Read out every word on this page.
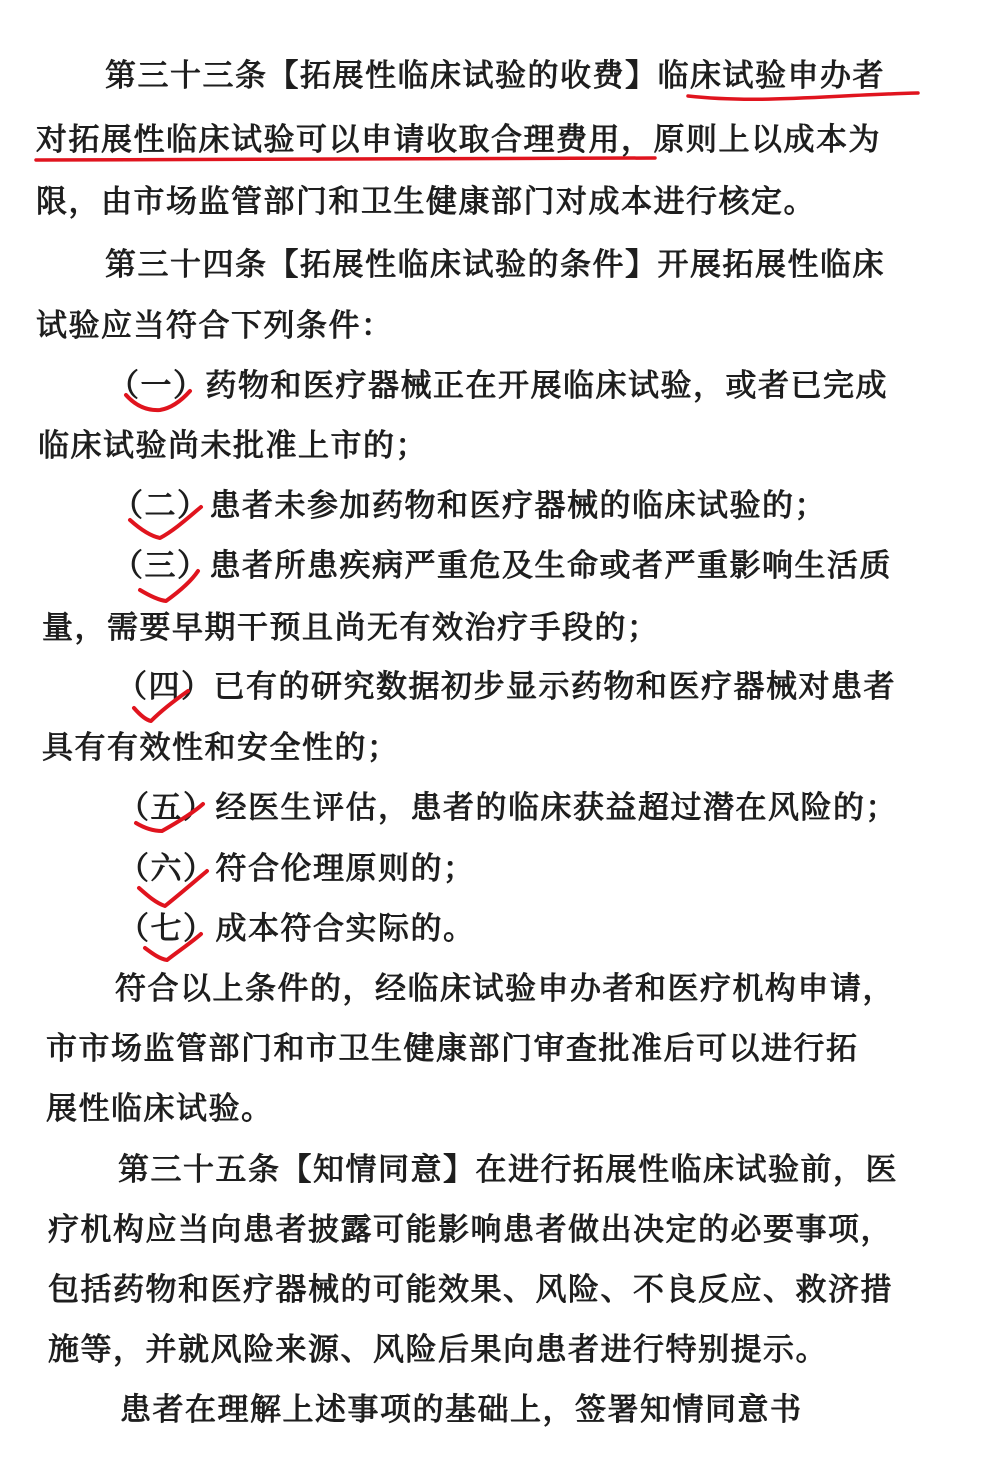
第三十三条【拓展性临床试验的收费】临床试验申办者
对拓展性临床试验可以申请收取合理费用，原则上以成本为
限，由市场监管部门和卫生健康部门对成本进行核定。
第三十四条【拓展性临床试验的条件】开展拓展性临床
试验应当符合下列条件：
（一）药物和医疗器械正在开展临床试验，或者已完成
临床试验尚未批准上市的；
（二）患者未参加药物和医疗器械的临床试验的；
（三）患者所患疾病严重危及生命或者严重影响生活质
量，需要早期干预且尚无有效治疗手段的；
（四）已有的研究数据初步显示药物和医疗器械对患者
具有有效性和安全性的；
（五）经医生评估，患者的临床获益超过潜在风险的；
（六）符合伦理原则的；
（七）成本符合实际的。
符合以上条件的，经临床试验申办者和医疗机构申请，
市市场监管部门和市卫生健康部门审查批准后可以进行拓
展性临床试验。
第三十五条【知情同意】在进行拓展性临床试验前，医
疗机构应当向患者披露可能影响患者做出决定的必要事项，
包括药物和医疗器械的可能效果、风险、不良反应、救济措
施等，并就风险来源、风险后果向患者进行特别提示。
患者在理解上述事项的基础上，签署知情同意书
